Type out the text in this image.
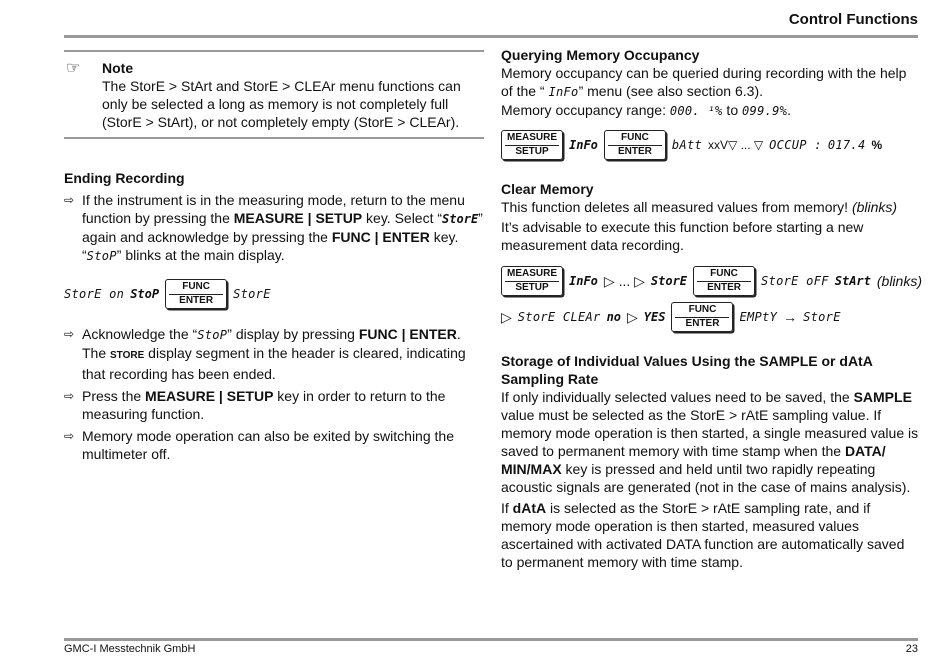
Control Functions
☞ Note
The StorE > StArt and StorE > CLEAr menu functions can only be selected a long as memory is not completely full (StorE > StArt), or not completely empty (StorE > CLEAr).
Ending Recording
⇨ If the instrument is in the measuring mode, return to the menu function by pressing the MEASURE | SETUP key. Select “StorE” again and acknowledge by pressing the FUNC | ENTER key. “StoP” blinks at the main display.
StorE on StoP
FUNC
ENTER	StorE
⇨ Acknowledge the “StoP” display by pressing FUNC | ENTER.
The STORE display segment in the header is cleared, indicating that recording has been ended.
⇨ Press the MEASURE | SETUP key in order to return to the measuring function.
⇨ Memory mode operation can also be exited by switching the multimeter off.
Querying Memory Occupancy

Memory occupancy can be queried during recording with the help of the “ InFo” menu (see also section 6.3).

Memory occupancy range: 000. ¹% to 099.9%.

MEASURE
SETUP	InFo
FUNC
ENTER	bAtt xxV▽ ... ▽ OCCUP : 017.4 %
Clear Memory

This function deletes all measured values from memory! (blinks)

It’s advisable to execute this function before starting a new measurement data recording.

MEASURE
SETUP	InFo ▷ ... ▷ StorE
FUNC
ENTER	StorE oFF StArt (blinks)
▷ StorE CLEAr no ▷ YES
FUNC
ENTER	EMPtY → StorE
Storage of Individual Values Using the SAMPLE or dAtA Sampling Rate

If only individually selected values need to be saved, the SAMPLE value must be selected as the StorE > rAtE sampling value. If memory mode operation is then started, a single measured value is saved to permanent memory with time stamp when the DATA/ MIN/MAX key is pressed and held until two rapidly repeating acoustic signals are generated (not in the case of mains analysis).

If dAtA is selected as the StorE > rAtE sampling rate, and if memory mode operation is then started, measured values ascertained with activated DATA function are automatically saved to permanent memory with time stamp.

GMC-I Messtechnik GmbH	23
